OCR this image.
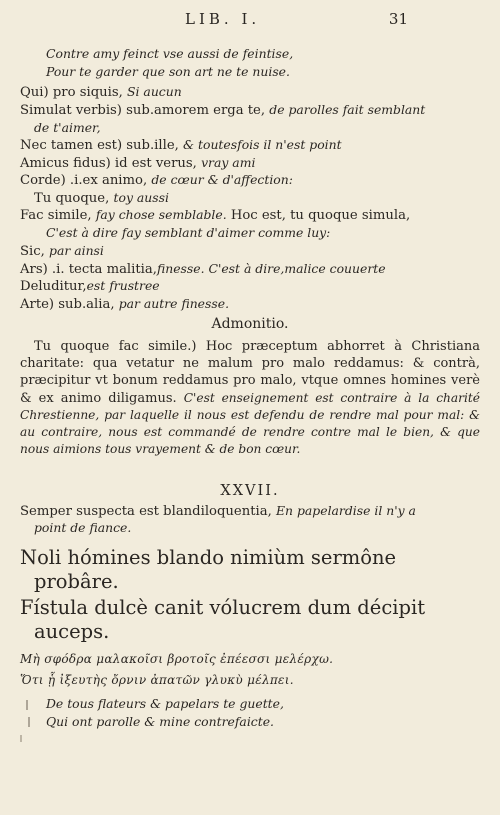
LIB. I.	31
Contre amy feinct vse aussi de feintise,
Pour te garder que son art ne te nuise.
Qui) pro siquis, Si aucun
Simulat verbis) sub.amorem erga te, de parolles fait semblant
de t'aimer,
Nec tamen est) sub.ille, & toutesfois il n'est point
Amicus fidus) id est verus, vray ami
Corde) .i.ex animo, de cœur & d'affection:
Tu quoque, toy aussi
Fac simile, fay chose semblable. Hoc est, tu quoque simula,
C'est à dire fay semblant d'aimer comme luy:
Sic, par ainsi
Ars) .i. tecta malitia,finesse. C'est à dire,malice couuerte
Deluditur,est frustree
Arte) sub.alia, par autre finesse.
Admonitio.
Tu quoque fac simile.) Hoc præceptum abhorret à Christiana charitate: qua vetatur ne malum pro malo reddamus: & contrà, præcipitur vt bonum reddamus pro malo, vtque omnes homines verè & ex animo diligamus. C'est enseignement est contraire à la charité Chrestienne, par laquelle il nous est defendu de rendre mal pour mal: & au contraire, nous est commandé de rendre contre mal le bien, & que nous aimions tous vrayement & de bon cœur.
XXVII.
Semper suspecta est blandiloquentia, En papelardise il n'y a
point de fiance.
Noli hómines blando nimiùm sermône
probâre.
Fístula dulcè canit vólucrem dum décipit
auceps.
Μὴ σφόδρα μαλακοῖσι βροτοῖς ἐπέεσσι μελέρχω.
Ὅτι ᾗ ἰξευτὴς ὄρνιν ἀπατῶν γλυκὺ μέλπει.
De tous flateurs & papelars te guette,
Qui ont parolle & mine contrefaicte.
